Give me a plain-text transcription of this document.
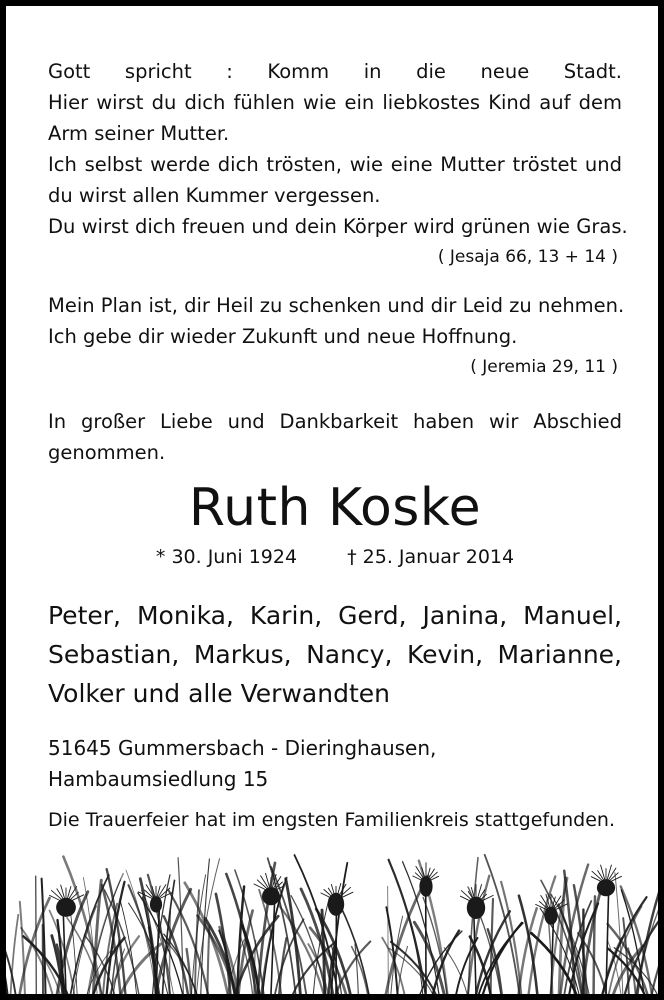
Gott spricht : Komm in die neue Stadt.
Hier wirst du dich fühlen wie ein liebkostes Kind auf dem
Arm seiner Mutter.
Ich selbst werde dich trösten, wie eine Mutter tröstet und
du wirst allen Kummer vergessen.
Du wirst dich freuen und dein Körper wird grünen wie Gras.
( Jesaja 66, 13 + 14 )
Mein Plan ist, dir Heil zu schenken und dir Leid zu nehmen.
Ich gebe dir wieder Zukunft und neue Hoffnung.
( Jeremia 29, 11 )
In großer Liebe und Dankbarkeit haben wir Abschied
genommen.
Ruth Koske
* 30. Juni 1924	† 25. Januar 2014
Peter, Monika, Karin, Gerd, Janina, Manuel,
Sebastian, Markus, Nancy, Kevin, Marianne,
Volker und alle Verwandten
51645 Gummersbach - Dieringhausen,
Hambaumsiedlung 15
Die Trauerfeier hat im engsten Familienkreis stattgefunden.
